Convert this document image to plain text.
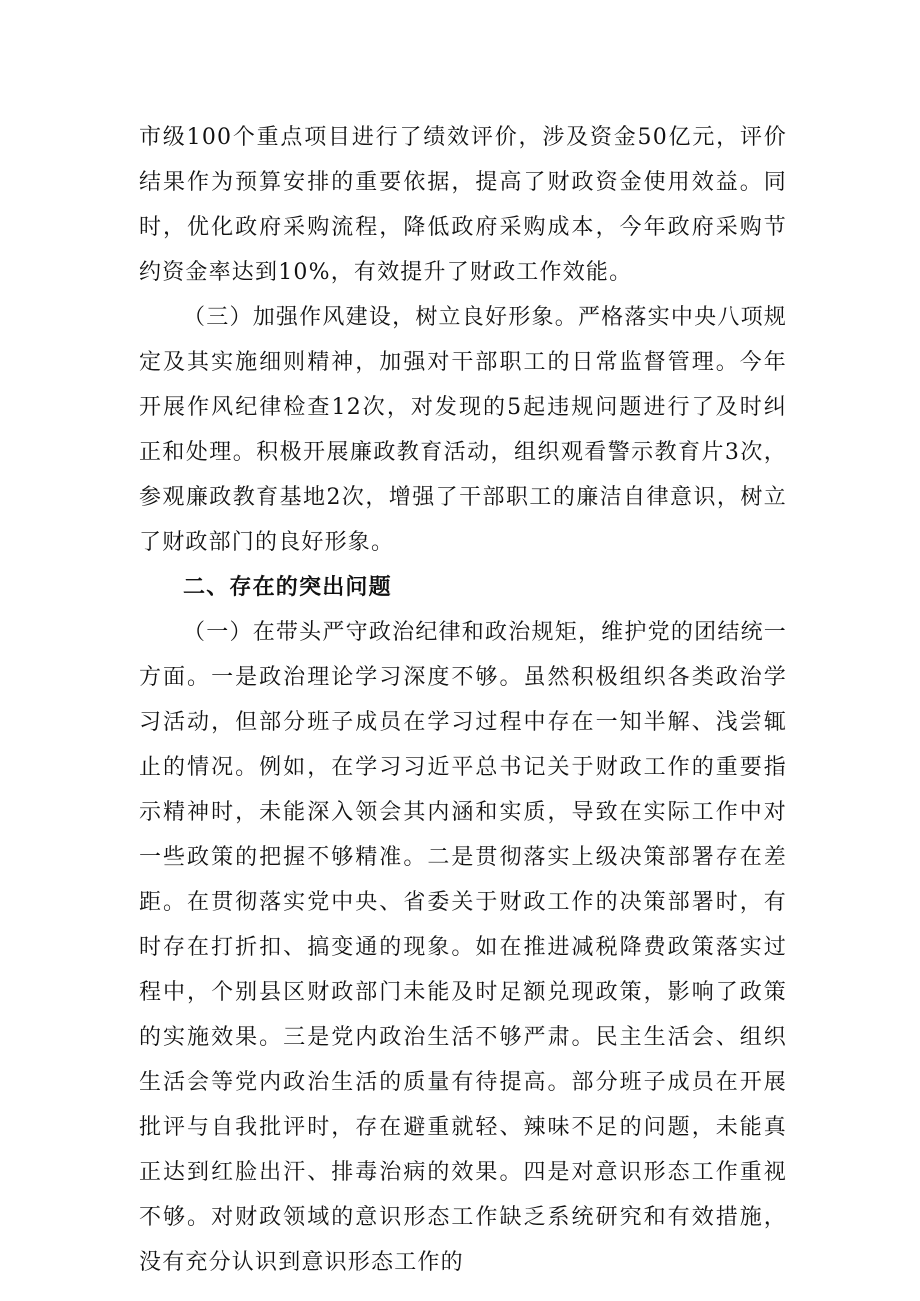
市级100个重点项目进行了绩效评价，涉及资金50亿元，评价结果作为预算安排的重要依据，提高了财政资金使用效益。同时，优化政府采购流程，降低政府采购成本，今年政府采购节约资金率达到10%，有效提升了财政工作效能。

（三）加强作风建设，树立良好形象。严格落实中央八项规定及其实施细则精神，加强对干部职工的日常监督管理。今年开展作风纪律检查12次，对发现的5起违规问题进行了及时纠正和处理。积极开展廉政教育活动，组织观看警示教育片3次，参观廉政教育基地2次，增强了干部职工的廉洁自律意识，树立了财政部门的良好形象。

二、存在的突出问题

（一）在带头严守政治纪律和政治规矩，维护党的团结统一方面。一是政治理论学习深度不够。虽然积极组织各类政治学习活动，但部分班子成员在学习过程中存在一知半解、浅尝辄止的情况。例如，在学习习近平总书记关于财政工作的重要指示精神时，未能深入领会其内涵和实质，导致在实际工作中对一些政策的把握不够精准。二是贯彻落实上级决策部署存在差距。在贯彻落实党中央、省委关于财政工作的决策部署时，有时存在打折扣、搞变通的现象。如在推进减税降费政策落实过程中，个别县区财政部门未能及时足额兑现政策，影响了政策的实施效果。三是党内政治生活不够严肃。民主生活会、组织生活会等党内政治生活的质量有待提高。部分班子成员在开展批评与自我批评时，存在避重就轻、辣味不足的问题，未能真正达到红脸出汗、排毒治病的效果。四是对意识形态工作重视不够。对财政领域的意识形态工作缺乏系统研究和有效措施，没有充分认识到意识形态工作的
